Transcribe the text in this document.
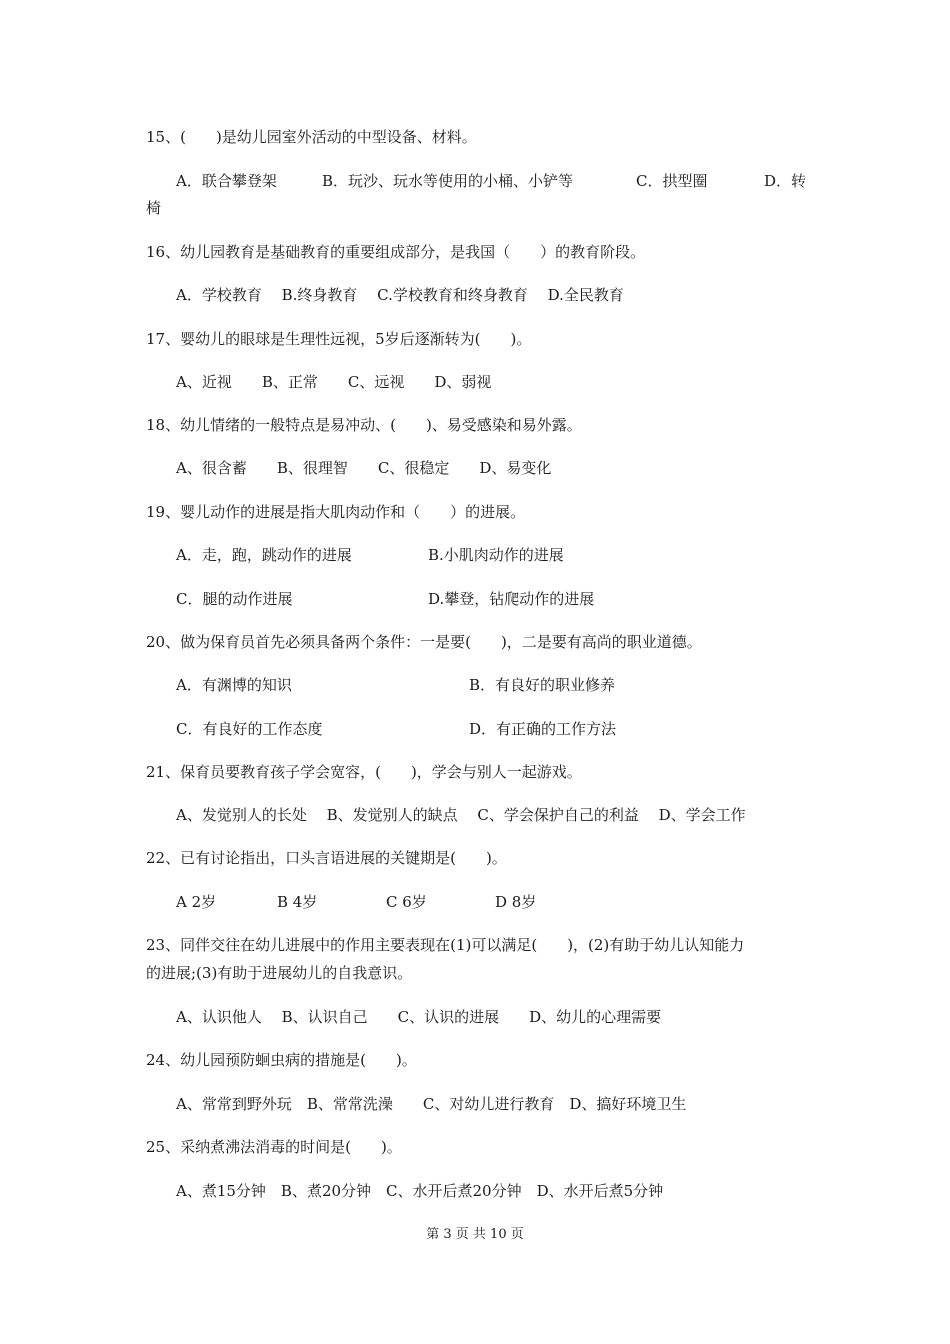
15、(　　)是幼儿园室外活动的中型设备、材料。

A．联合攀登架	B．玩沙、玩水等使用的小桶、小铲等	C．拱型圈	D．转

椅

16、幼儿园教育是基础教育的重要组成部分，是我国（　　）的教育阶段。

A．学校教育　 B.终身教育　 C.学校教育和终身教育　 D.全民教育

17、婴幼儿的眼球是生理性远视，5岁后逐渐转为(　　)。

A、近视　　B、正常　　C、远视　　D、弱视

18、幼儿情绪的一般特点是易冲动、(　　)、易受感染和易外露。

A、很含蓄　　B、很理智　　C、很稳定　　D、易变化

19、婴儿动作的进展是指大肌肉动作和（　　）的进展。

A．走，跑，跳动作的进展	B.小肌肉动作的进展
C．腿的动作进展	D.攀登，钻爬动作的进展

20、做为保育员首先必须具备两个条件：一是要(　　)，二是要有高尚的职业道德。

A．有渊博的知识	B．有良好的职业修养
C．有良好的工作态度	D．有正确的工作方法

21、保育员要教育孩子学会宽容，(　　)，学会与别人一起游戏。

A、发觉别人的长处　 B、发觉别人的缺点　 C、学会保护自己的利益　 D、学会工作

22、已有讨论指出，口头言语进展的关键期是(　　)。

A 2岁	B 4岁	C 6岁	D 8岁

23、同伴交往在幼儿进展中的作用主要表现在(1)可以满足(　　)，(2)有助于幼儿认知能力

的进展;(3)有助于进展幼儿的自我意识。

A、认识他人　 B、认识自己　　C、认识的进展　　D、幼儿的心理需要

24、幼儿园预防蛔虫病的措施是(　　)。

A、常常到野外玩　B、常常洗澡　　C、对幼儿进行教育　D、搞好环境卫生

25、采纳煮沸法消毒的时间是(　　)。

A、煮15分钟　B、煮20分钟　C、水开后煮20分钟　D、水开后煮5分钟

第 3 页 共 10 页
